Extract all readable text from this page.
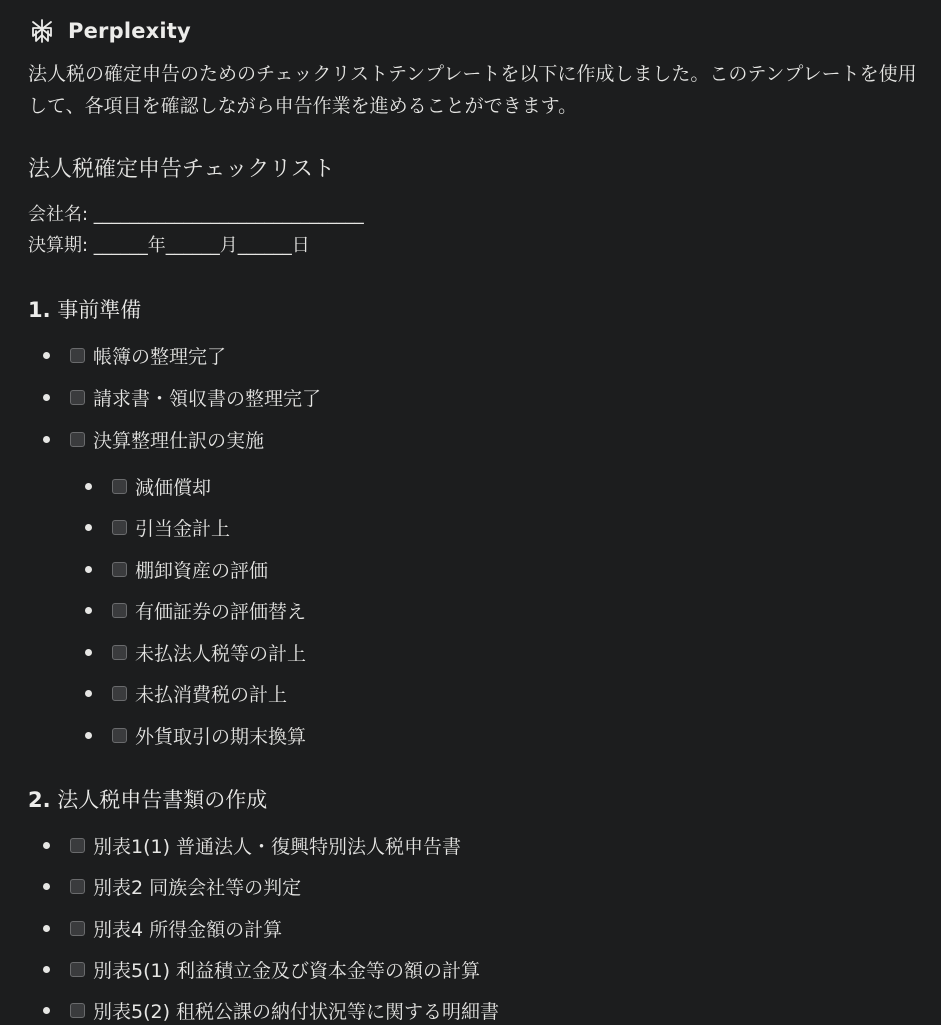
Perplexity
法人税の確定申告のためのチェックリストテンプレートを以下に作成しました。このテンプレートを使用して、各項目を確認しながら申告作業を進めることができます。
法人税確定申告チェックリスト
会社名: ______________________________
決算期: ______年______月______日
1. 事前準備
帳簿の整理完了
請求書・領収書の整理完了
決算整理仕訳の実施
減価償却
引当金計上
棚卸資産の評価
有価証券の評価替え
未払法人税等の計上
未払消費税の計上
外貨取引の期末換算
2. 法人税申告書類の作成
別表1(1) 普通法人・復興特別法人税申告書
別表2 同族会社等の判定
別表4 所得金額の計算
別表5(1) 利益積立金及び資本金等の額の計算
別表5(2) 租税公課の納付状況等に関する明細書
